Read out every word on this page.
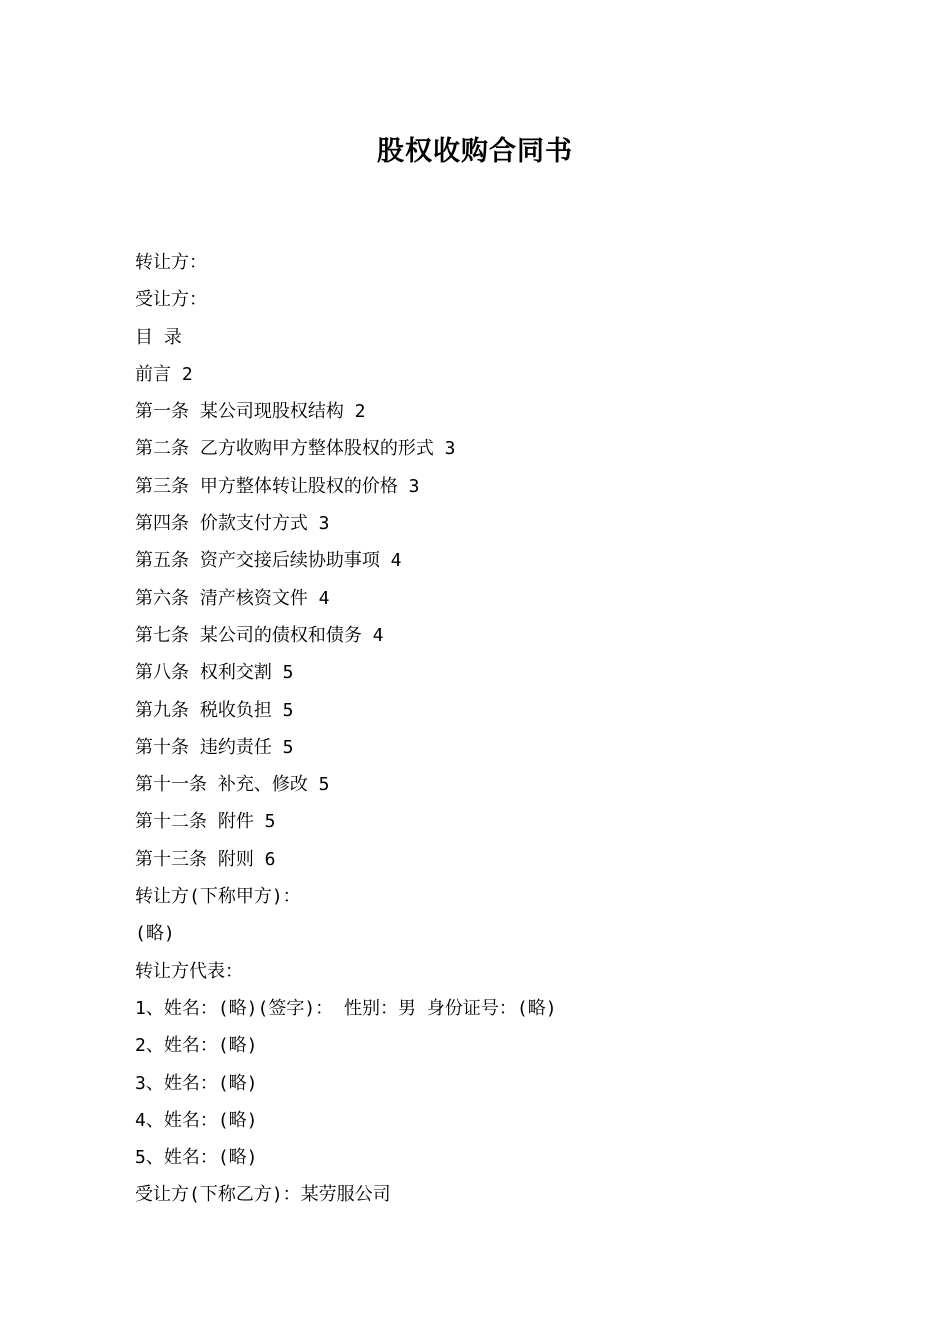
股权收购合同书

转让方：

受让方：

目 录

前言 2

第一条 某公司现股权结构 2

第二条 乙方收购甲方整体股权的形式 3

第三条 甲方整体转让股权的价格 3

第四条 价款支付方式 3

第五条 资产交接后续协助事项 4

第六条 清产核资文件 4

第七条 某公司的债权和债务 4

第八条 权利交割 5

第九条 税收负担 5

第十条 违约责任 5

第十一条 补充、修改 5

第十二条 附件 5

第十三条 附则 6

转让方(下称甲方)：

(略)

转让方代表：

1、姓名：(略)(签字)： 性别：男 身份证号：(略)

2、姓名：(略)

3、姓名：(略)

4、姓名：(略)

5、姓名：(略)

受让方(下称乙方)：某劳服公司
